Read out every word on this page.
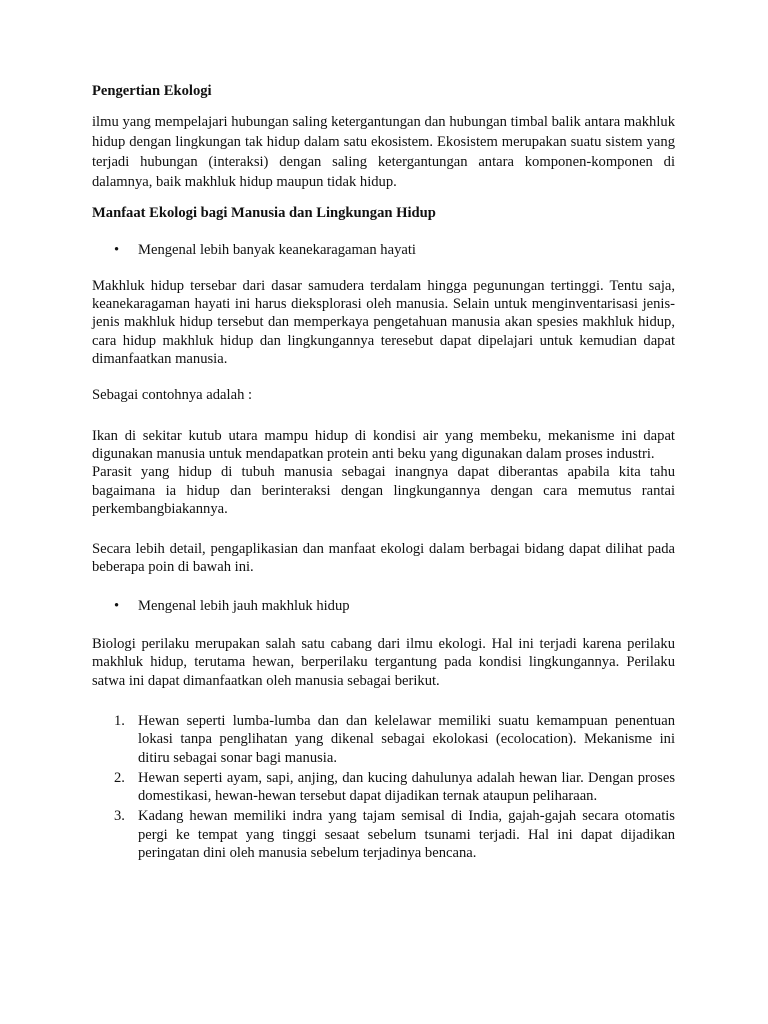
Pengertian Ekologi

ilmu yang mempelajari hubungan saling ketergantungan dan hubungan timbal balik antara makhluk hidup dengan lingkungan tak hidup dalam satu ekosistem. Ekosistem merupakan suatu sistem yang terjadi hubungan (interaksi) dengan saling ketergantungan antara komponen-komponen di dalamnya, baik makhluk hidup maupun tidak hidup.

Manfaat Ekologi bagi Manusia dan Lingkungan Hidup

• Mengenal lebih banyak keanekaragaman hayati

Makhluk hidup tersebar dari dasar samudera terdalam hingga pegunungan tertinggi. Tentu saja, keanekaragaman hayati ini harus dieksplorasi oleh manusia. Selain untuk menginventarisasi jenis-jenis makhluk hidup tersebut dan memperkaya pengetahuan manusia akan spesies makhluk hidup, cara hidup makhluk hidup dan lingkungannya teresebut dapat dipelajari untuk kemudian dapat dimanfaatkan manusia.

Sebagai contohnya adalah :

Ikan di sekitar kutub utara mampu hidup di kondisi air yang membeku, mekanisme ini dapat digunakan manusia untuk mendapatkan protein anti beku yang digunakan dalam proses industri.

Parasit yang hidup di tubuh manusia sebagai inangnya dapat diberantas apabila kita tahu bagaimana ia hidup dan berinteraksi dengan lingkungannya dengan cara memutus rantai perkembangbiakannya.

Secara lebih detail, pengaplikasian dan manfaat ekologi dalam berbagai bidang dapat dilihat pada beberapa poin di bawah ini.

• Mengenal lebih jauh makhluk hidup

Biologi perilaku merupakan salah satu cabang dari ilmu ekologi. Hal ini terjadi karena perilaku makhluk hidup, terutama hewan, berperilaku tergantung pada kondisi lingkungannya. Perilaku satwa ini dapat dimanfaatkan oleh manusia sebagai berikut.

1. Hewan seperti lumba-lumba dan dan kelelawar memiliki suatu kemampuan penentuan lokasi tanpa penglihatan yang dikenal sebagai ekolokasi (ecolocation). Mekanisme ini ditiru sebagai sonar bagi manusia.
2. Hewan seperti ayam, sapi, anjing, dan kucing dahulunya adalah hewan liar. Dengan proses domestikasi, hewan-hewan tersebut dapat dijadikan ternak ataupun peliharaan.
3. Kadang hewan memiliki indra yang tajam semisal di India, gajah-gajah secara otomatis pergi ke tempat yang tinggi sesaat sebelum tsunami terjadi. Hal ini dapat dijadikan peringatan dini oleh manusia sebelum terjadinya bencana.
